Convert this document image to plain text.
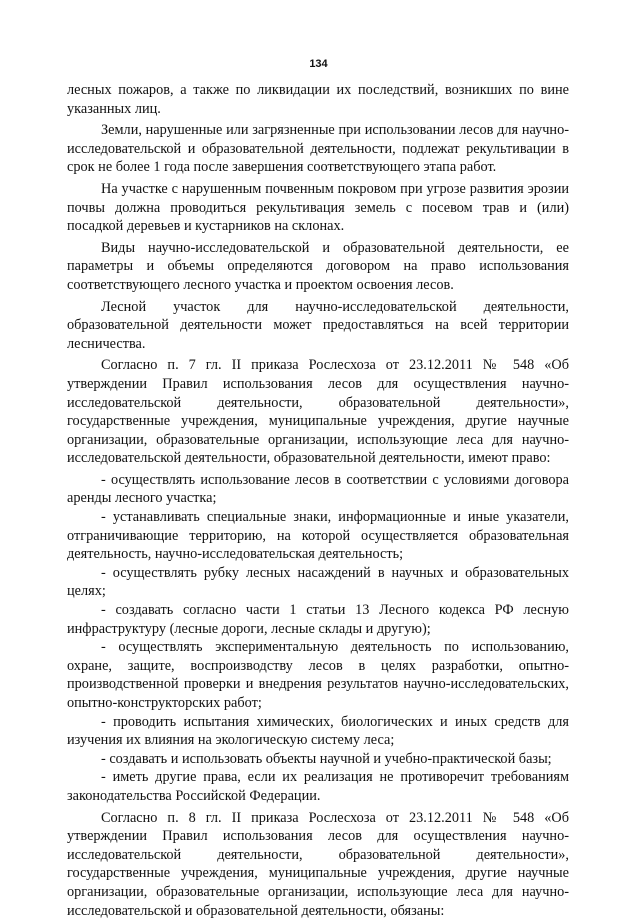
134

лесных пожаров, а также по ликвидации их последствий, возникших по вине указанных лиц.

Земли, нарушенные или загрязненные при использовании лесов для научно-исследовательской и образовательной деятельности, подлежат рекультивации в срок не более 1 года после завершения соответствующего этапа работ.

На участке с нарушенным почвенным покровом при угрозе развития эрозии почвы должна проводиться рекультивация земель с посевом трав и (или) посадкой деревьев и кустарников на склонах.

Виды научно-исследовательской и образовательной деятельности, ее параметры и объемы определяются договором на право использования соответствующего лесного участка и проектом освоения лесов.

Лесной участок для научно-исследовательской деятельности, образовательной деятельности может предоставляться на всей территории лесничества.

Согласно п. 7 гл. II приказа Рослесхоза от 23.12.2011 № 548 «Об утверждении Правил использования лесов для осуществления научно-исследовательской деятельности, образовательной деятельности», государственные учреждения, муниципальные учреждения, другие научные организации, образовательные организации, использующие леса для научно-исследовательской деятельности, образовательной деятельности, имеют право:

- осуществлять использование лесов в соответствии с условиями договора аренды лесного участка;

- устанавливать специальные знаки, информационные и иные указатели, отграничивающие территорию, на которой осуществляется образовательная деятельность, научно-исследовательская деятельность;

- осуществлять рубку лесных насаждений в научных и образовательных целях;

- создавать согласно части 1 статьи 13 Лесного кодекса РФ лесную инфраструктуру (лесные дороги, лесные склады и другую);

- осуществлять экспериментальную деятельность по использованию, охране, защите, воспроизводству лесов в целях разработки, опытно-производственной проверки и внедрения результатов научно-исследовательских, опытно-конструкторских работ;

- проводить испытания химических, биологических и иных средств для изучения их влияния на экологическую систему леса;

- создавать и использовать объекты научной и учебно-практической базы;

- иметь другие права, если их реализация не противоречит требованиям законодательства Российской Федерации.

Согласно п. 8 гл. II приказа Рослесхоза от 23.12.2011 № 548 «Об утверждении Правил использования лесов для осуществления научно-исследовательской деятельности, образовательной деятельности», государственные учреждения, муниципальные учреждения, другие научные организации, образовательные организации, использующие леса для научно-исследовательской и образовательной деятельности, обязаны:
